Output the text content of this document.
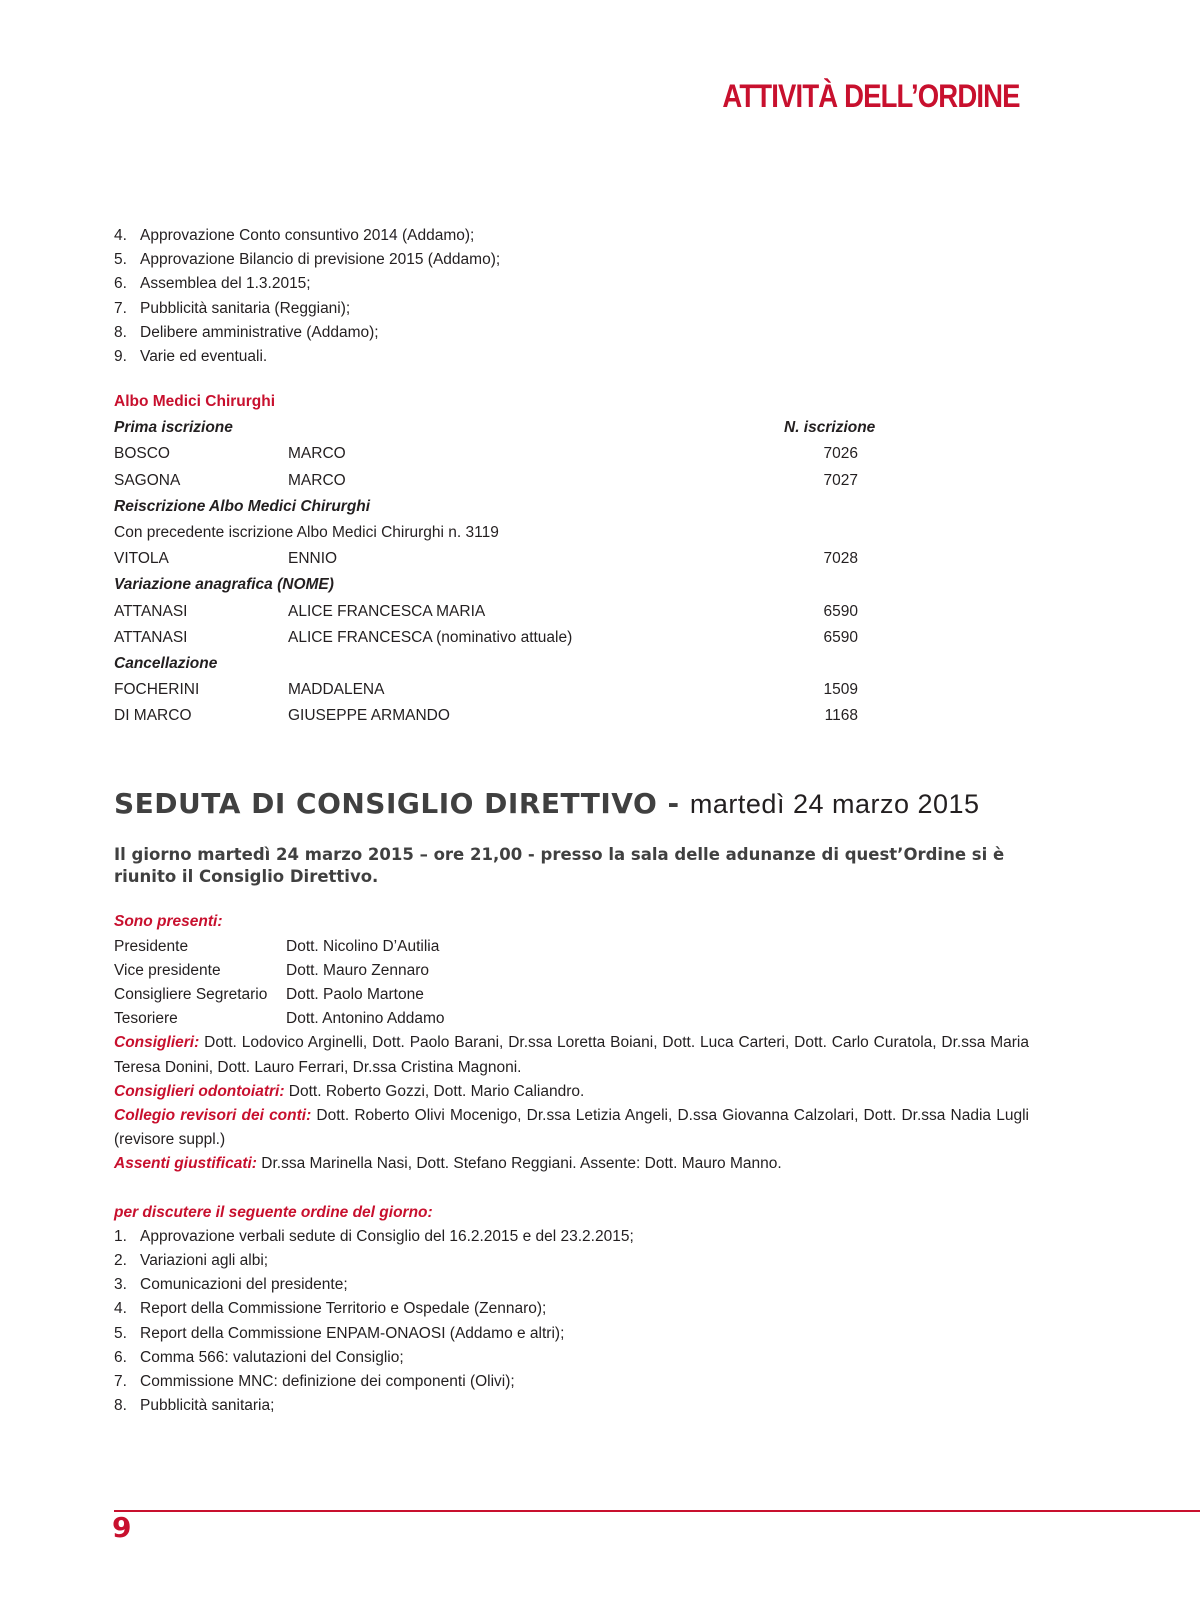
ATTIVITÀ DELL’ORDINE
4. Approvazione Conto consuntivo 2014 (Addamo);
5. Approvazione Bilancio di previsione 2015 (Addamo);
6. Assemblea del 1.3.2015;
7. Pubblicità sanitaria (Reggiani);
8. Delibere amministrative (Addamo);
9. Varie ed eventuali.
Albo Medici Chirurghi
Prima iscrizione	N. iscrizione
BOSCO	MARCO	7026
SAGONA	MARCO	7027
Reiscrizione Albo Medici Chirurghi
Con precedente iscrizione Albo Medici Chirurghi n. 3119
VITOLA	ENNIO	7028
Variazione anagrafica (NOME)
ATTANASI	ALICE FRANCESCA MARIA	6590
ATTANASI	ALICE FRANCESCA (nominativo attuale)	6590
Cancellazione
FOCHERINI	MADDALENA	1509
DI MARCO	GIUSEPPE ARMANDO	1168
SEDUTA DI CONSIGLIO DIRETTIVO - martedì 24 marzo 2015
Il giorno martedì 24 marzo 2015 – ore 21,00 - presso la sala delle adunanze di quest’Ordine si è riunito il Consiglio Direttivo.
Sono presenti:
Presidente	Dott. Nicolino D’Autilia
Vice presidente	Dott. Mauro Zennaro
Consigliere Segretario Dott. Paolo Martone
Tesoriere	Dott. Antonino Addamo
Consiglieri: Dott. Lodovico Arginelli, Dott. Paolo Barani, Dr.ssa Loretta Boiani, Dott. Luca Carteri, Dott. Carlo Curatola, Dr.ssa Maria Teresa Donini, Dott. Lauro Ferrari, Dr.ssa Cristina Magnoni.
Consiglieri odontoiatri: Dott. Roberto Gozzi, Dott. Mario Caliandro.
Collegio revisori dei conti: Dott. Roberto Olivi Mocenigo, Dr.ssa Letizia Angeli, D.ssa Giovanna Calzolari, Dott. Dr.ssa Nadia Lugli (revisore suppl.)
Assenti giustificati: Dr.ssa Marinella Nasi, Dott. Stefano Reggiani. Assente: Dott. Mauro Manno.
per discutere il seguente ordine del giorno:
1. Approvazione verbali sedute di Consiglio del 16.2.2015 e del 23.2.2015;
2. Variazioni agli albi;
3. Comunicazioni del presidente;
4. Report della Commissione Territorio e Ospedale (Zennaro);
5. Report della Commissione ENPAM-ONAOSI (Addamo e altri);
6. Comma 566: valutazioni del Consiglio;
7. Commissione MNC: definizione dei componenti (Olivi);
8. Pubblicità sanitaria;
9
